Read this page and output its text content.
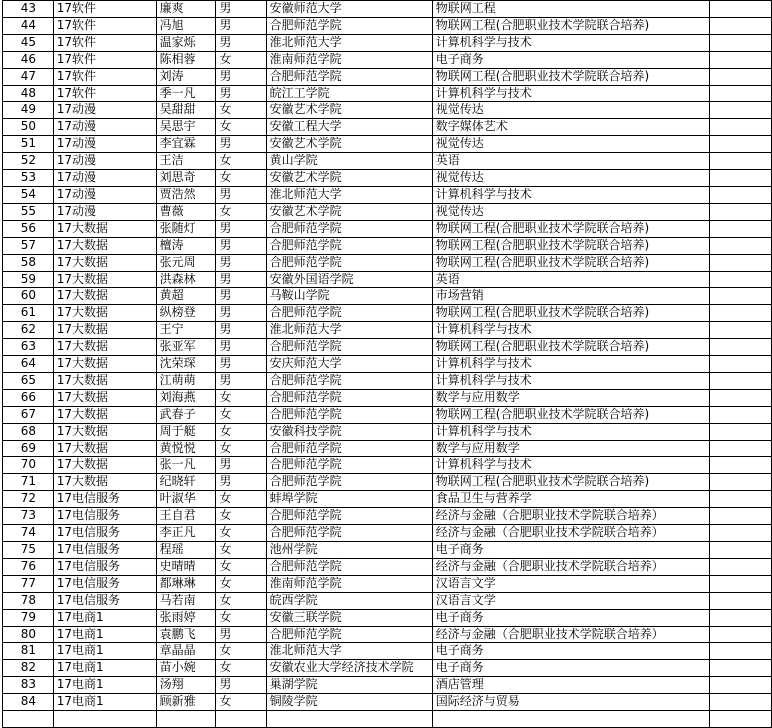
43	17软件	廉爽	男	安徽师范大学	物联网工程	
44	17软件	冯旭	男	合肥师范学院	物联网工程(合肥职业技术学院联合培养)	
45	17软件	温家烁	男	淮北师范大学	计算机科学与技术	
46	17软件	陈相蓉	女	淮南师范学院	电子商务	
47	17软件	刘涛	男	合肥师范学院	物联网工程(合肥职业技术学院联合培养)	
48	17软件	季一凡	男	皖江工学院	计算机科学与技术	
49	17动漫	吴甜甜	女	安徽艺术学院	视觉传达	
50	17动漫	吴思宇	女	安徽工程大学	数字媒体艺术	
51	17动漫	李宜霖	男	安徽艺术学院	视觉传达	
52	17动漫	王洁	女	黄山学院	英语	
53	17动漫	刘思奇	女	安徽艺术学院	视觉传达	
54	17动漫	贾浩然	男	淮北师范大学	计算机科学与技术	
55	17动漫	曹薇	女	安徽艺术学院	视觉传达	
56	17大数据	张随灯	男	合肥师范学院	物联网工程(合肥职业技术学院联合培养)	
57	17大数据	檀涛	男	合肥师范学院	物联网工程(合肥职业技术学院联合培养)	
58	17大数据	张元周	男	合肥师范学院	物联网工程(合肥职业技术学院联合培养)	
59	17大数据	洪森林	男	安徽外国语学院	英语	
60	17大数据	黄超	男	马鞍山学院	市场营销	
61	17大数据	纵榜登	男	合肥师范学院	物联网工程(合肥职业技术学院联合培养)	
62	17大数据	王宁	男	淮北师范大学	计算机科学与技术	
63	17大数据	张亚军	男	合肥师范学院	物联网工程(合肥职业技术学院联合培养)	
64	17大数据	沈荣琛	男	安庆师范大学	计算机科学与技术	
65	17大数据	江萌萌	男	合肥师范学院	计算机科学与技术	
66	17大数据	刘海燕	女	合肥师范学院	数学与应用数学	
67	17大数据	武春子	女	合肥师范学院	物联网工程(合肥职业技术学院联合培养)	
68	17大数据	周于艇	女	安徽科技学院	计算机科学与技术	
69	17大数据	黄悦悦	女	合肥师范学院	数学与应用数学	
70	17大数据	张一凡	男	合肥师范学院	计算机科学与技术	
71	17大数据	纪晓轩	男	合肥师范学院	物联网工程(合肥职业技术学院联合培养)	
72	17电信服务	叶淑华	女	蚌埠学院	食品卫生与营养学	
73	17电信服务	王自君	女	合肥师范学院	经济与金融（合肥职业技术学院联合培养）	
74	17电信服务	李正凡	女	合肥师范学院	经济与金融（合肥职业技术学院联合培养）	
75	17电信服务	程瑶	女	池州学院	电子商务	
76	17电信服务	史晴晴	女	合肥师范学院	经济与金融（合肥职业技术学院联合培养）	
77	17电信服务	都琳琳	女	淮南师范学院	汉语言文学	
78	17电信服务	马若南	女	皖西学院	汉语言文学	
79	17电商1	张雨婷	女	安徽三联学院	电子商务	
80	17电商1	袁鹏飞	男	合肥师范学院	经济与金融（合肥职业技术学院联合培养）	
81	17电商1	章晶晶	女	淮北师范大学	电子商务	
82	17电商1	苗小婉	女	安徽农业大学经济技术学院	电子商务	
83	17电商1	汤翔	男	巢湖学院	酒店管理	
84	17电商1	顾新雅	女	铜陵学院	国际经济与贸易	
